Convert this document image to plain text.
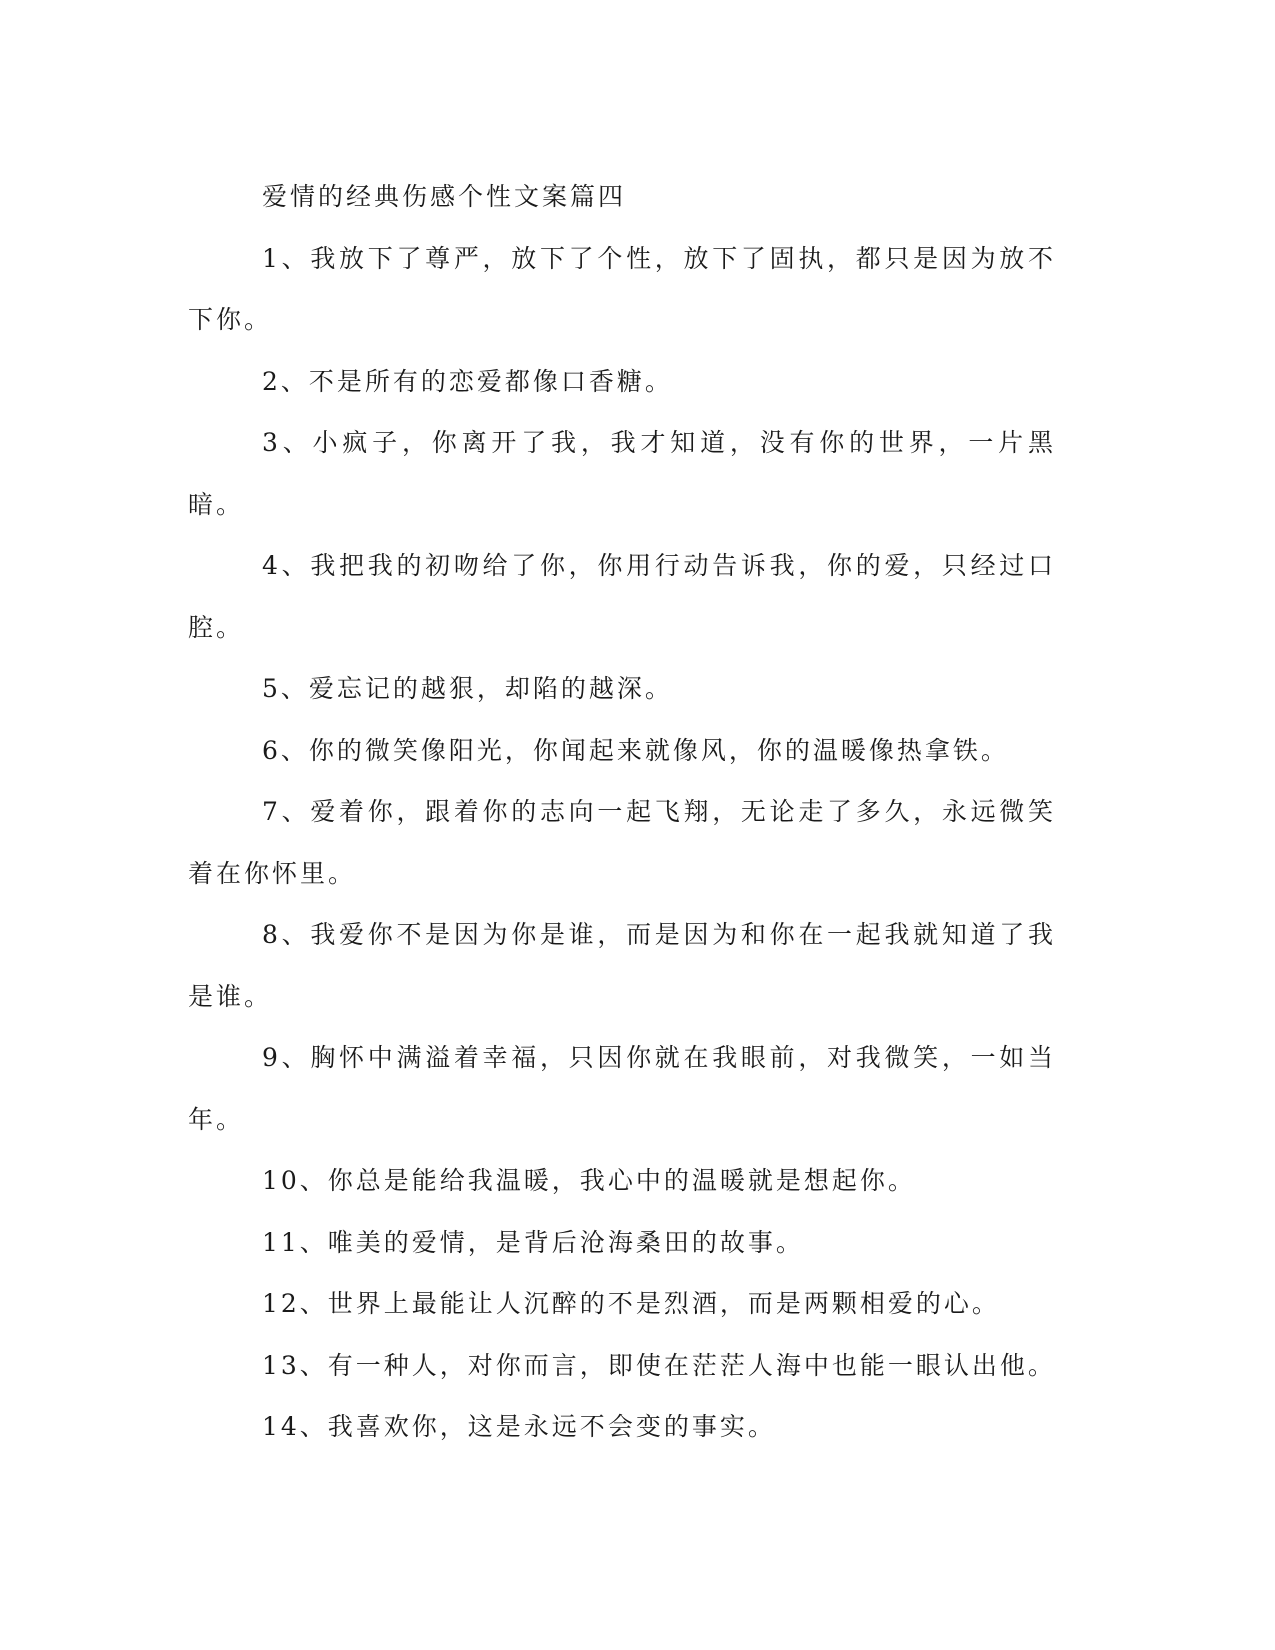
爱情的经典伤感个性文案篇四

1、我放下了尊严，放下了个性，放下了固执，都只是因为放不下你。

2、不是所有的恋爱都像口香糖。

3、小疯子，你离开了我，我才知道，没有你的世界，一片黑暗。

4、我把我的初吻给了你，你用行动告诉我，你的爱，只经过口腔。

5、爱忘记的越狠，却陷的越深。

6、你的微笑像阳光，你闻起来就像风，你的温暖像热拿铁。

7、爱着你，跟着你的志向一起飞翔，无论走了多久，永远微笑着在你怀里。

8、我爱你不是因为你是谁，而是因为和你在一起我就知道了我是谁。

9、胸怀中满溢着幸福，只因你就在我眼前，对我微笑，一如当年。

10、你总是能给我温暖，我心中的温暖就是想起你。

11、唯美的爱情，是背后沧海桑田的故事。

12、世界上最能让人沉醉的不是烈酒，而是两颗相爱的心。

13、有一种人，对你而言，即使在茫茫人海中也能一眼认出他。

14、我喜欢你，这是永远不会变的事实。
